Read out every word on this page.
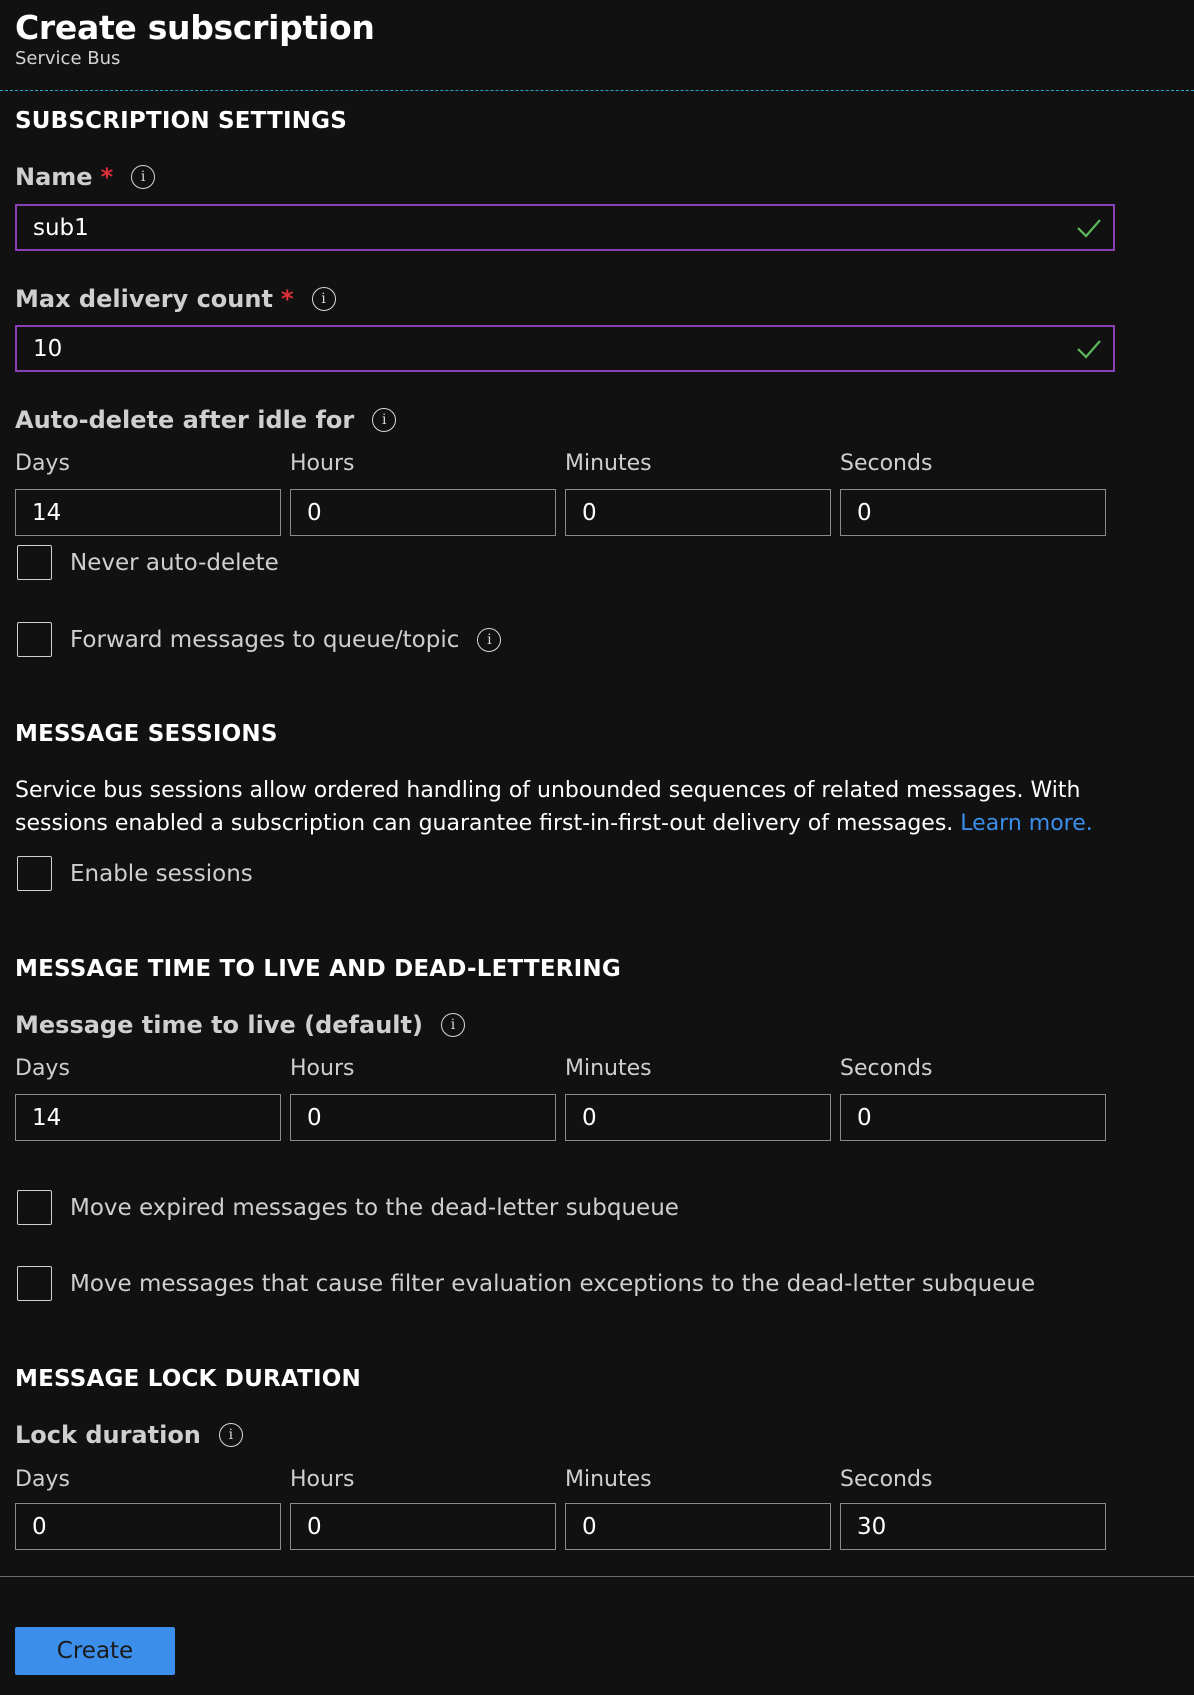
Create subscription
Service Bus
SUBSCRIPTION SETTINGS
Name *	i
sub1
Max delivery count *	i
10
Auto-delete after idle for	i
Days	Hours	Minutes	Seconds
14	0	0	0
Never auto-delete
Forward messages to queue/topic	i
MESSAGE SESSIONS
Service bus sessions allow ordered handling of unbounded sequences of related messages. With sessions enabled a subscription can guarantee first-in-first-out delivery of messages. Learn more.
Enable sessions
MESSAGE TIME TO LIVE AND DEAD-LETTERING
Message time to live (default)	i
Days	Hours	Minutes	Seconds
14	0	0	0
Move expired messages to the dead-letter subqueue
Move messages that cause filter evaluation exceptions to the dead-letter subqueue
MESSAGE LOCK DURATION
Lock duration	i
Days	Hours	Minutes	Seconds
0	0	0	30
Create
